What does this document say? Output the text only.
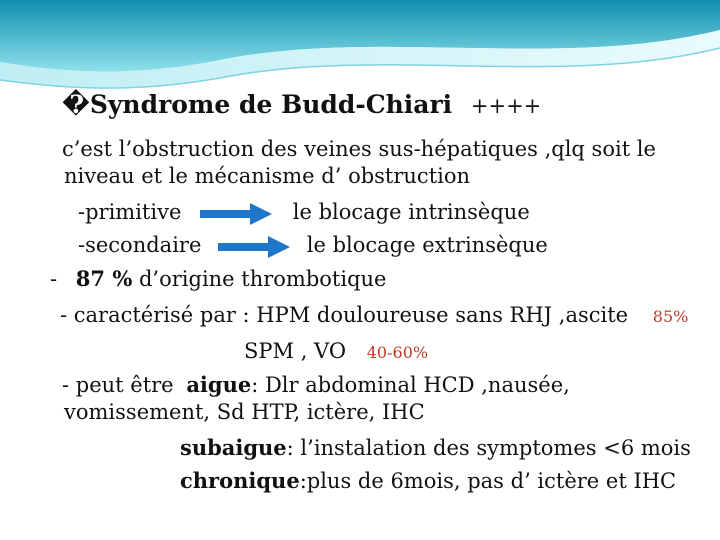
�Syndrome de Budd-Chiari ++++
c’est l’obstruction des veines sus-hépatiques ,qlq soit le
niveau et le mécanisme d’ obstruction
-primitive	le blocage intrinsèque
-secondaire	le blocage extrinsèque
- 87 % d’origine thrombotique
- caractérisé par : HPM douloureuse sans RHJ ,ascite 85%
SPM , VO 40-60%
- peut être aigue: Dlr abdominal HCD ,nausée,
vomissement, Sd HTP, ictère, IHC
subaigue: l’instalation des symptomes <6 mois
chronique:plus de 6mois, pas d’ ictère et IHC
